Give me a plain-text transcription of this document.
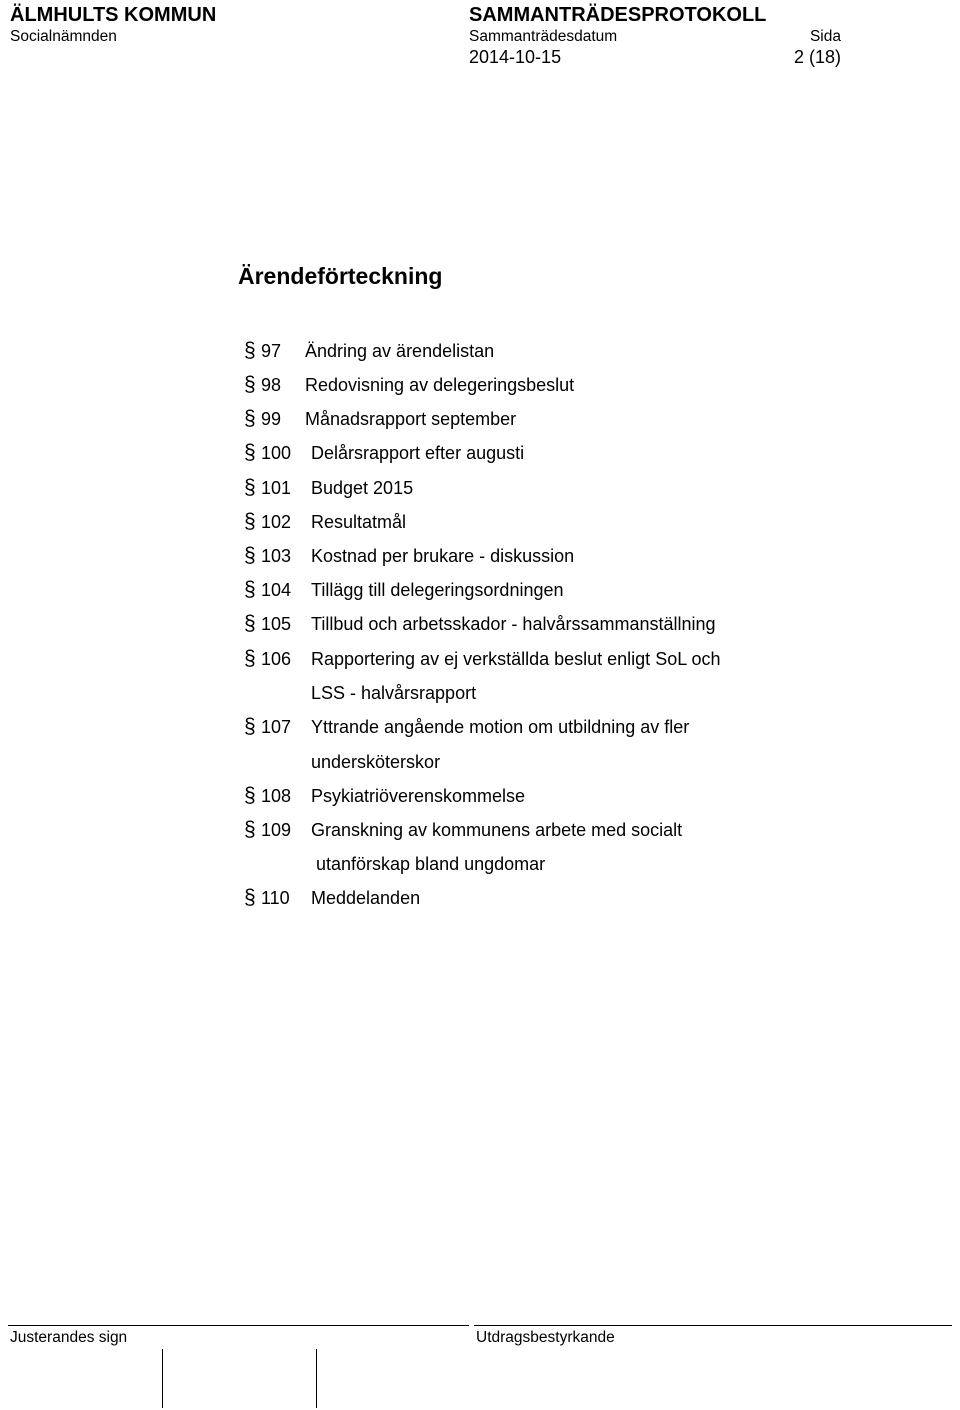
ÄLMHULTS KOMMUN
Socialnämnden
SAMMANTRÄDESPROTOKOLL
Sammanträdesdatum	Sida
2014-10-15	2 (18)
Ärendeförteckning
§ 97 Ändring av ärendelistan
§ 98 Redovisning av delegeringsbeslut
§ 99 Månadsrapport september
§ 100 Delårsrapport efter augusti
§ 101 Budget 2015
§ 102 Resultatmål
§ 103 Kostnad per brukare - diskussion
§ 104 Tillägg till delegeringsordningen
§ 105 Tillbud och arbetsskador - halvårssammanställning
§ 106 Rapportering av ej verkställda beslut enligt SoL och
LSS - halvårsrapport
§ 107 Yttrande angående motion om utbildning av fler
undersköterskor
§ 108 Psykiatriöverenskommelse
§ 109 Granskning av kommunens arbete med socialt
utanförskap bland ungdomar
§ 110 Meddelanden
Justerandes sign	Utdragsbestyrkande
